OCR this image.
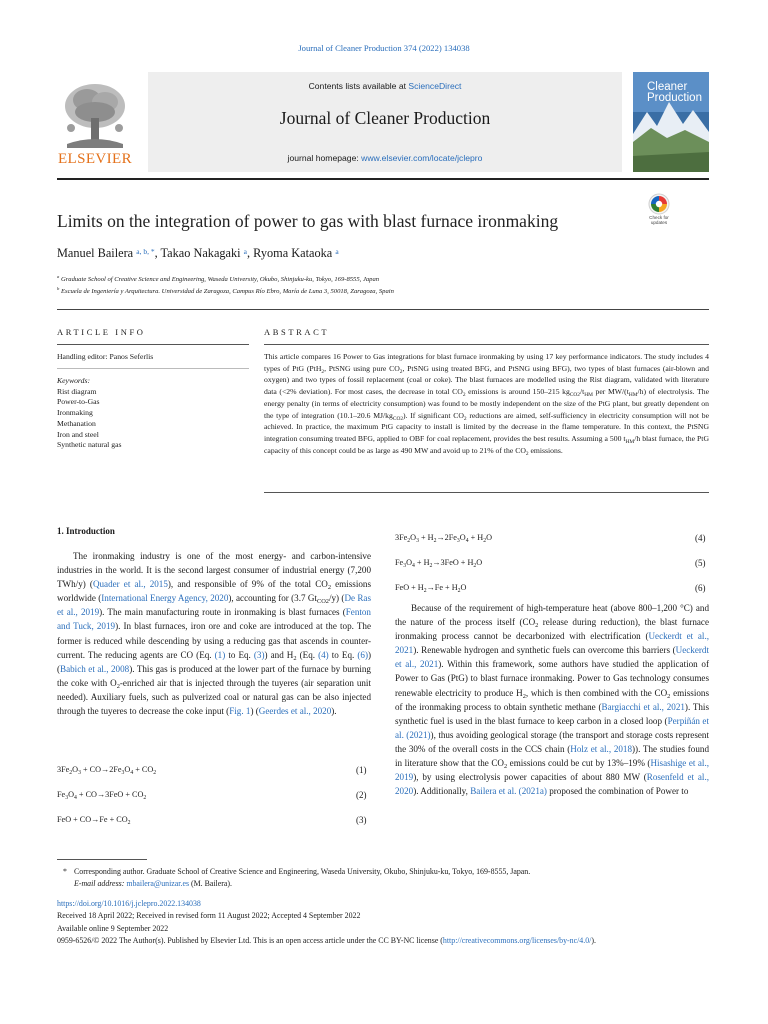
Journal of Cleaner Production 374 (2022) 134038
ELSEVIER
Contents lists available at ScienceDirect
Journal of Cleaner Production
journal homepage: www.elsevier.com/locate/jclepro
Cleaner
Production
Limits on the integration of power to gas with blast furnace ironmaking	Check for
updates
Manuel Bailera $^{a, b, *}$, Takao Nakagaki $^a$, Ryoma Kataoka $^a$
$^a$ Graduate School of Creative Science and Engineering, Waseda University, Okubo, Shinjuku-ku, Tokyo, 169-8555, Japan
$^b$ Escuela de Ingeniería y Arquitectura. Universidad de Zaragoza, Campus Río Ebro, María de Luna 3, 50018, Zaragoza, Spain
ARTICLE INFO	ABSTRACT
Handling editor: Panos Seferlis
Keywords:
Rist diagram
Power-to-Gas
Ironmaking
Methanation
Iron and steel
Synthetic natural gas
This article compares 16 Power to Gas integrations for blast furnace ironmaking by using 17 key performance indicators. The study includes 4 types of PtG (PtH$_2$, PtSNG using pure $CO_2$, PtSNG using treated BFG, and PtSNG using BFG), two types of blast furnaces (air-blown and oxygen) and two types of fossil replacement (coal or coke). The blast furnaces are modelled using the Rist diagram, validated with literature data (<2% deviation). For most cases, the decrease in total $CO_2$ emissions is around 150–215 $kg_{CO2}/t_{HM}$ per $MW/(t_{HM}/h)$ of electrolysis. The energy penalty (in terms of electricity consumption) was found to be mostly independent on the size of the PtG plant, but greatly dependent on the type of integration (10.1–20.6 $MJ/kg_{CO2}$). If significant $CO_2$ reductions are aimed, self-sufficiency in electricity consumption will not be achieved. In practice, the maximum PtG capacity to install is limited by the decrease in the flame temperature. In this context, the PtSNG integration consuming treated BFG, applied to OBF for coal replacement, provides the best results. Assuming a 500 $t_{HM}/h$ blast furnace, the PtG capacity of this concept could be as large as 490 MW and avoid up to 21% of the $CO_2$ emissions.
1. Introduction

The ironmaking industry is one of the most energy- and carbon-intensive industries in the world. It is the second largest consumer of industrial energy (7,200 TWh/y) (Quader et al., 2015), and responsible of 9% of the total $CO_2$ emissions worldwide (International Energy Agency, 2020), accounting for (3.7 $Gt_{CO2}/y$) (De Ras et al., 2019). The main manufacturing route in ironmaking is blast furnaces (Fenton and Tuck, 2019). In blast furnaces, iron ore and coke are introduced at the top. The former is reduced while descending by using a reducing gas that ascends in counter-current. The reducing agents are CO (Eq. (1) to Eq. (3)) and $H_2$ (Eq. (4) to Eq. (6)) (Babich et al., 2008). This gas is produced at the lower part of the furnace by burning the coke with $O_2$-enriched air that is injected through the tuyeres (air separation unit needed). Auxiliary fuels, such as pulverized coal or natural gas can be also injected through the tuyeres to decrease the coke input (Fig. 1) (Geerdes et al., 2020).

$3Fe_2O_3 + CO\to 2Fe_3O_4 + CO_2$	(1)
$Fe_3O_4 + CO\to 3FeO + CO_2$	(2)
FeO + $CO\to Fe + CO_2$	(3)
$3Fe_2O_3 + H_2\to 2Fe_3O_4 + H_2O$	(4)
$Fe_3O_4 + H_2\to 3FeO + H_2O$	(5)
FeO + $H_2\to Fe + H_2O$	(6)

Because of the requirement of high-temperature heat (above 800–1,200 °C) and the nature of the process itself ($CO_2$ release during reduction), the blast furnace ironmaking process cannot be decarbonized with electrification (Ueckerdt et al., 2021). Renewable hydrogen and synthetic fuels can overcome this barriers (Ueckerdt et al., 2021). Within this framework, some authors have studied the application of Power to Gas (PtG) to blast furnace ironmaking. Power to Gas technology consumes renewable electricity to produce $H_2$, which is then combined with the $CO_2$ emissions of the ironmaking process to obtain synthetic methane (Bargiacchi et al., 2021). This synthetic fuel is used in the blast furnace to keep carbon in a closed loop (Perpiñán et al. (2021)), thus avoiding geological storage (the transport and storage costs represent the 30% of the overall costs in the CCS chain (Holz et al., 2018)). The studies found in literature show that the $CO_2$ emissions could be cut by 13%–19% (Hisashige et al., 2019), by using electrolysis power capacities of about 880 MW (Rosenfeld et al., 2020). Additionally, Bailera et al. (2021a) proposed the combination of Power to

* Corresponding author. Graduate School of Creative Science and Engineering, Waseda University, Okubo, Shinjuku-ku, Tokyo, 169-8555, Japan.
E-mail address: mbailera@unizar.es (M. Bailera).
https://doi.org/10.1016/j.jclepro.2022.134038
Received 18 April 2022; Received in revised form 11 August 2022; Accepted 4 September 2022
Available online 9 September 2022
0959-6526/© 2022 The Author(s). Published by Elsevier Ltd. This is an open access article under the CC BY-NC license (http://creativecommons.org/licenses/by-nc/4.0/).
